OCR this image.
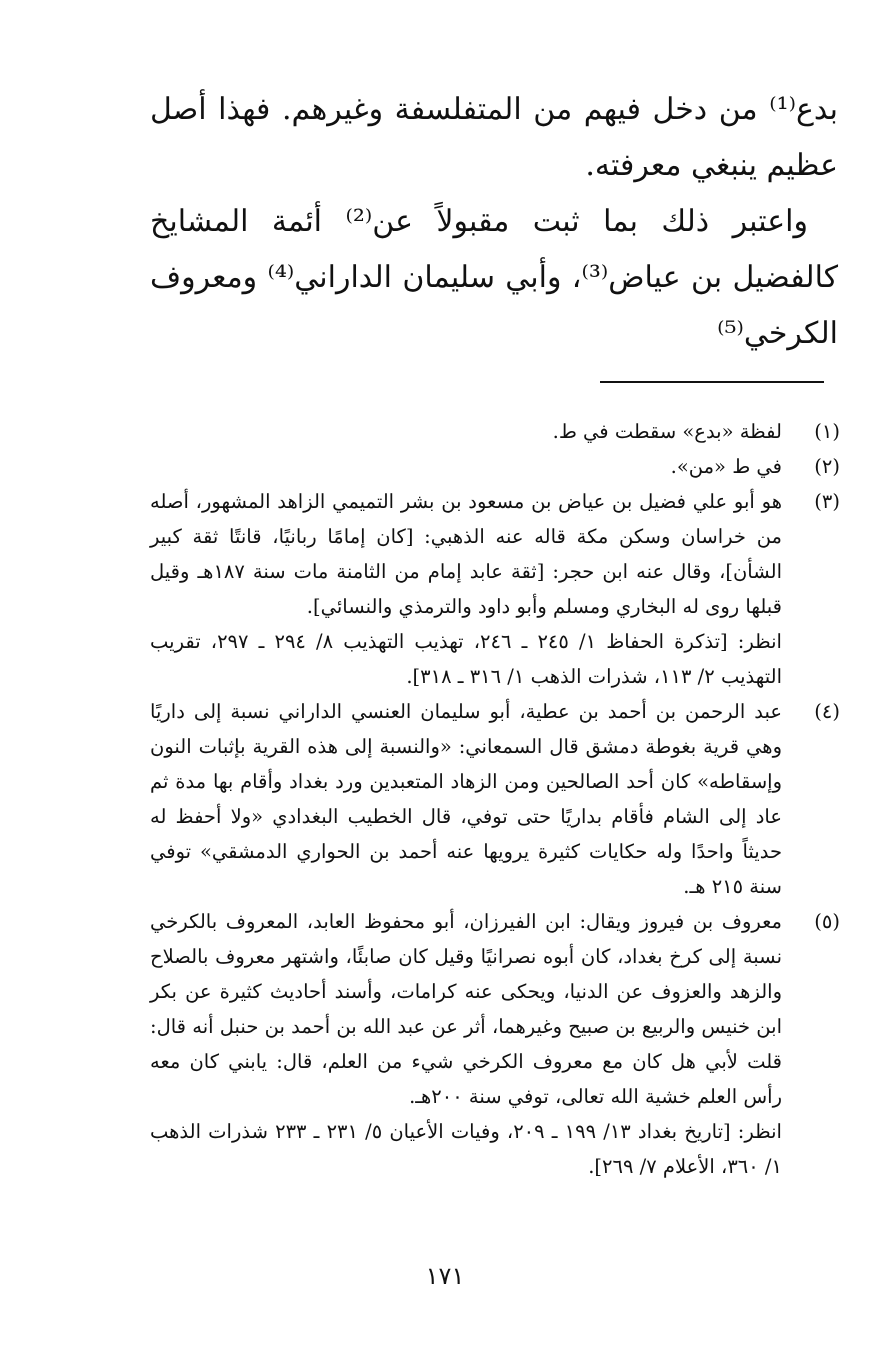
بدع⁽¹⁾ من دخل فيهم من المتفلسفة وغيرهم. فهذا أصل عظيم ينبغي معرفته.

واعتبر ذلك بما ثبت مقبولاً عن⁽²⁾ أئمة المشايخ كالفضيل بن عياض⁽³⁾، وأبي سليمان الداراني⁽⁴⁾ ومعروف الكرخي⁽⁵⁾

(١)

لفظة «بدع» سقطت في ط.

(٢)

في ط «من».

(٣)

هو أبو علي فضيل بن عياض بن مسعود بن بشر التميمي الزاهد المشهور، أصله من خراسان وسكن مكة قاله عنه الذهبي: [كان إمامًا ربانيًا، قانتًا ثقة كبير الشأن]، وقال عنه ابن حجر: [ثقة عابد إمام من الثامنة مات سنة ١٨٧هـ وقيل قبلها روى له البخاري ومسلم وأبو داود والترمذي والنسائي].

انظر: [تذكرة الحفاظ ١/ ٢٤٥ ـ ٢٤٦، تهذيب التهذيب ٨/ ٢٩٤ ـ ٢٩٧، تقريب التهذيب ٢/ ١١٣، شذرات الذهب ١/ ٣١٦ ـ ٣١٨].

(٤)

عبد الرحمن بن أحمد بن عطية، أبو سليمان العنسي الداراني نسبة إلى داريًا وهي قرية بغوطة دمشق قال السمعاني: «والنسبة إلى هذه القرية بإثبات النون وإسقاطه» كان أحد الصالحين ومن الزهاد المتعبدين ورد بغداد وأقام بها مدة ثم عاد إلى الشام فأقام بداريًا حتى توفي، قال الخطيب البغدادي «ولا أحفظ له حديثاً واحدًا وله حكايات كثيرة يرويها عنه أحمد بن الحواري الدمشقي» توفي سنة ٢١٥ هـ.

(٥)

معروف بن فيروز ويقال: ابن الفيرزان، أبو محفوظ العابد، المعروف بالكرخي نسبة إلى كرخ بغداد، كان أبوه نصرانيًا وقيل كان صابئًا، واشتهر معروف بالصلاح والزهد والعزوف عن الدنيا، ويحكى عنه كرامات، وأسند أحاديث كثيرة عن بكر ابن خنيس والربيع بن صبيح وغيرهما، أثر عن عبد الله بن أحمد بن حنبل أنه قال: قلت لأبي هل كان مع معروف الكرخي شيء من العلم، قال: يابني كان معه رأس العلم خشية الله تعالى، توفي سنة ٢٠٠هـ.

انظر: [تاريخ بغداد ١٣/ ١٩٩ ـ ٢٠٩، وفيات الأعيان ٥/ ٢٣١ ـ ٢٣٣ شذرات الذهب ١/ ٣٦٠، الأعلام ٧/ ٢٦٩].

١٧١
